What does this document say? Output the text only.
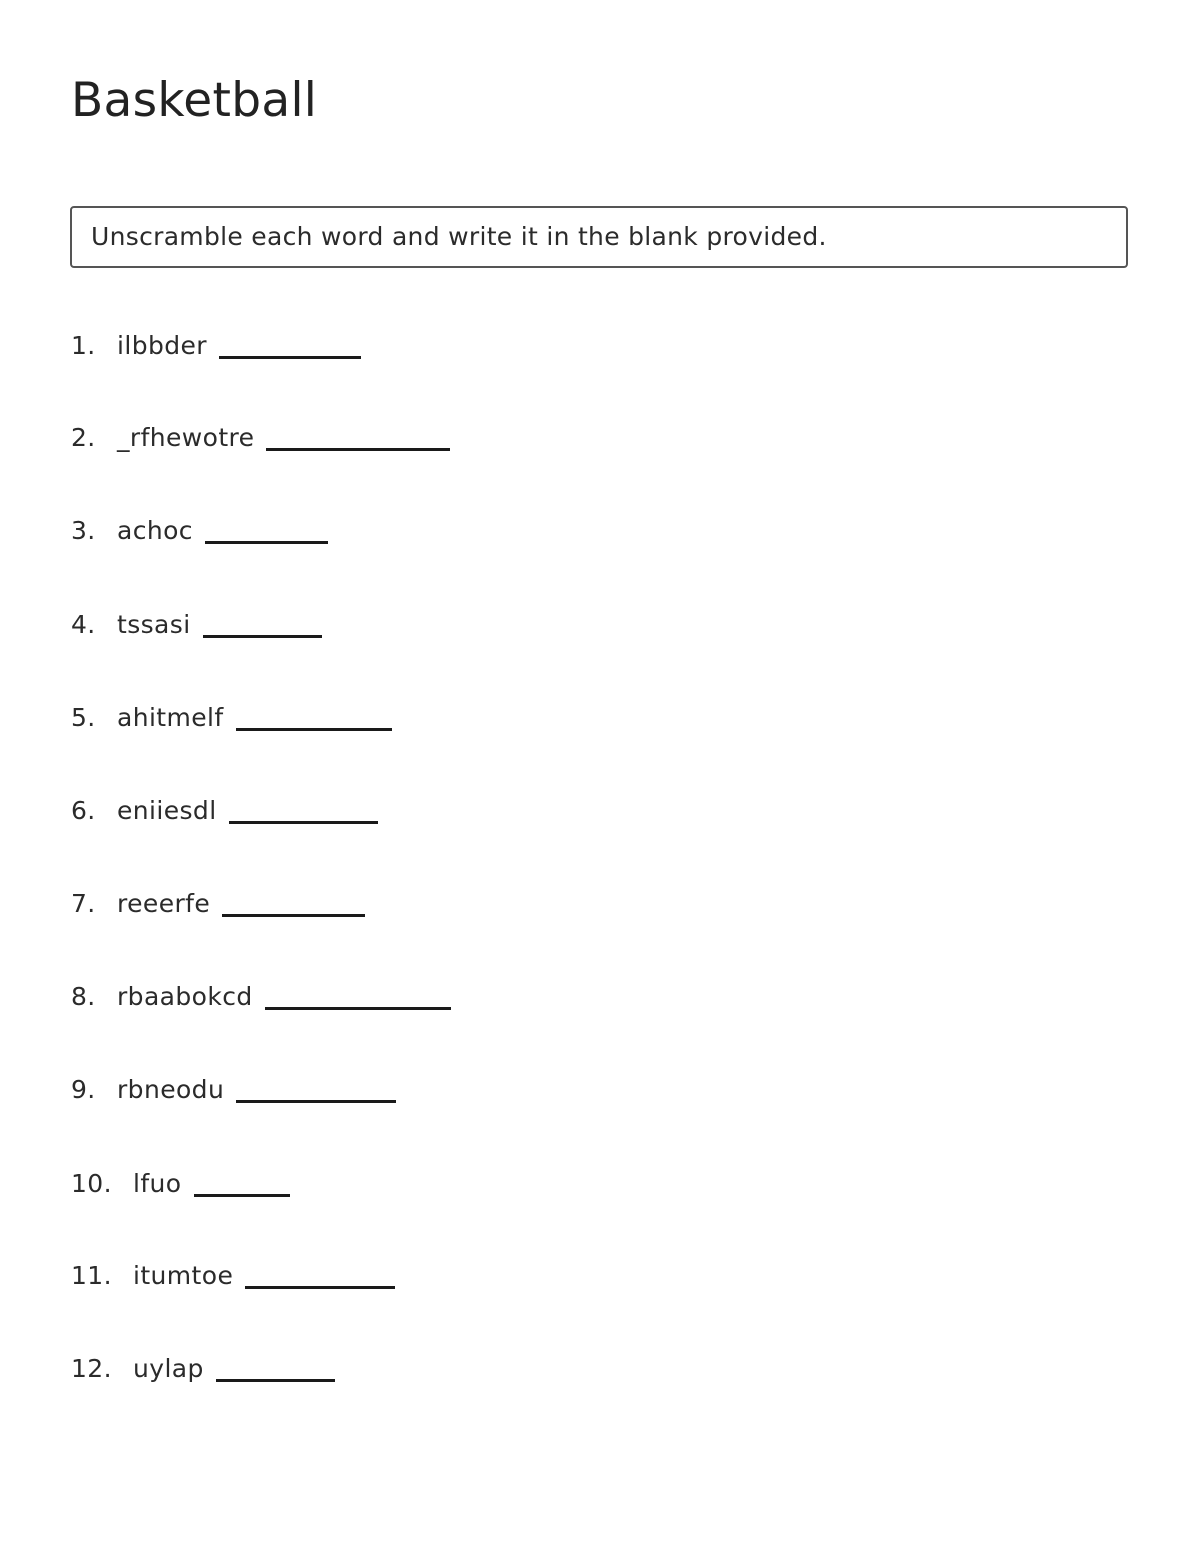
Basketball
Unscramble each word and write it in the blank provided.
1. ilbbder
2. _rfhewotre
3. achoc
4. tssasi
5. ahitmelf
6. eniiesdl
7. reeerfe
8. rbaabokcd
9. rbneodu
10. lfuo
11. itumtoe
12. uylap
